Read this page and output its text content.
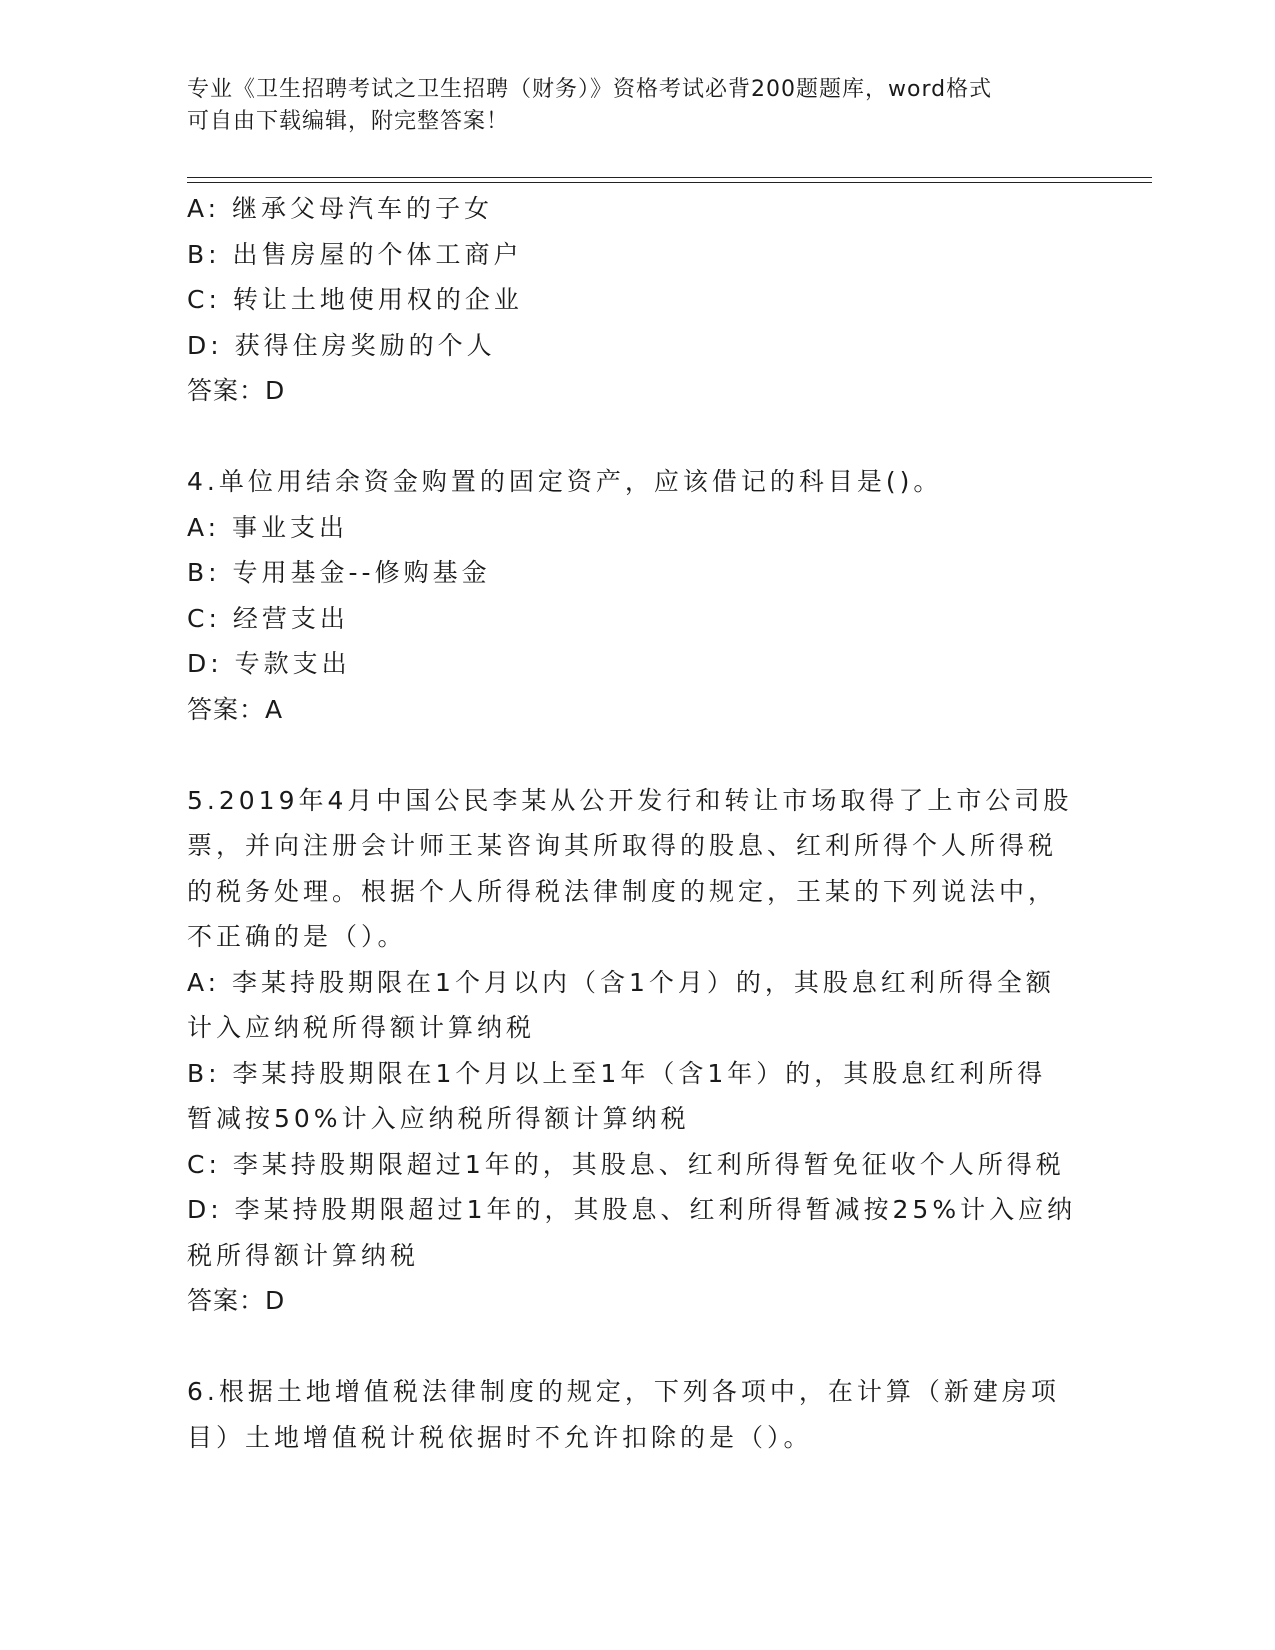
专业《卫生招聘考试之卫生招聘（财务）》资格考试必背200题题库，word格式
可自由下载编辑，附完整答案！
A: 继承父母汽车的子女
B: 出售房屋的个体工商户
C: 转让土地使用权的企业
D: 获得住房奖励的个人
答案：D
4.单位用结余资金购置的固定资产，应该借记的科目是()。
A: 事业支出
B: 专用基金--修购基金
C: 经营支出
D: 专款支出
答案：A
5.2019年4月中国公民李某从公开发行和转让市场取得了上市公司股
票，并向注册会计师王某咨询其所取得的股息、红利所得个人所得税
的税务处理。根据个人所得税法律制度的规定，王某的下列说法中，
不正确的是（）。
A: 李某持股期限在1个月以内（含1个月）的，其股息红利所得全额
计入应纳税所得额计算纳税
B: 李某持股期限在1个月以上至1年（含1年）的，其股息红利所得
暂减按50%计入应纳税所得额计算纳税
C: 李某持股期限超过1年的，其股息、红利所得暂免征收个人所得税
D: 李某持股期限超过1年的，其股息、红利所得暂减按25%计入应纳
税所得额计算纳税
答案：D
6.根据土地增值税法律制度的规定，下列各项中，在计算（新建房项
目）土地增值税计税依据时不允许扣除的是（）。
